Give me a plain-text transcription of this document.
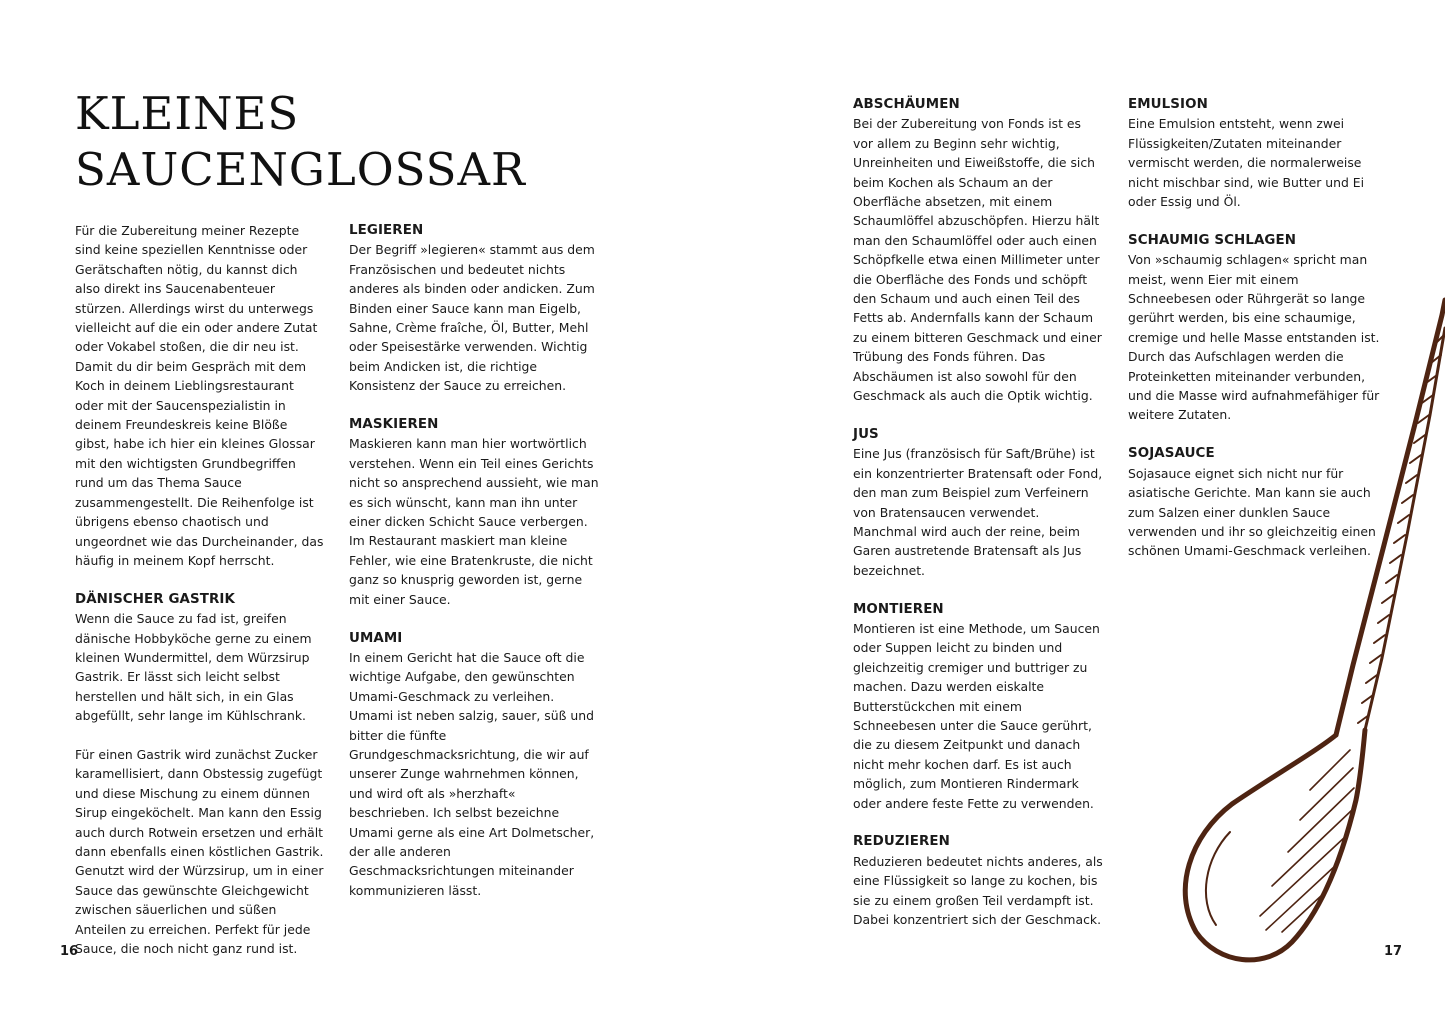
KLEINES
SAUCENGLOSSAR

Für die Zubereitung meiner Rezepte sind keine speziellen Kenntnisse oder Gerätschaften nötig, du kannst dich also direkt ins Saucenabenteuer stürzen. Allerdings wirst du unterwegs vielleicht auf die ein oder andere Zutat oder Vokabel stoßen, die dir neu ist. Damit du dir beim Gespräch mit dem Koch in deinem Lieblingsrestaurant oder mit der Saucenspezialistin in deinem Freundeskreis keine Blöße gibst, habe ich hier ein kleines Glossar mit den wichtigsten Grundbegriffen rund um das Thema Sauce zusammengestellt. Die Reihenfolge ist übrigens ebenso chaotisch und ungeordnet wie das Durcheinander, das häufig in meinem Kopf herrscht.

DÄNISCHER GASTRIK

Wenn die Sauce zu fad ist, greifen dänische Hobbyköche gerne zu einem kleinen Wundermittel, dem Würzsirup Gastrik. Er lässt sich leicht selbst herstellen und hält sich, in ein Glas abgefüllt, sehr lange im Kühlschrank.

Für einen Gastrik wird zunächst Zucker karamellisiert, dann Obstessig zugefügt und diese Mischung zu einem dünnen Sirup eingeköchelt. Man kann den Essig auch durch Rotwein ersetzen und erhält dann ebenfalls einen köstlichen Gastrik. Genutzt wird der Würzsirup, um in einer Sauce das gewünschte Gleichgewicht zwischen säuerlichen und süßen Anteilen zu erreichen. Perfekt für jede Sauce, die noch nicht ganz rund ist.

LEGIEREN

Der Begriff »legieren« stammt aus dem Französischen und bedeutet nichts anderes als binden oder andicken. Zum Binden einer Sauce kann man Eigelb, Sahne, Crème fraîche, Öl, Butter, Mehl oder Speisestärke verwenden. Wichtig beim Andicken ist, die richtige Konsistenz der Sauce zu erreichen.

MASKIEREN

Maskieren kann man hier wortwörtlich verstehen. Wenn ein Teil eines Gerichts nicht so ansprechend aussieht, wie man es sich wünscht, kann man ihn unter einer dicken Schicht Sauce verbergen. Im Restaurant maskiert man kleine Fehler, wie eine Bratenkruste, die nicht ganz so knusprig geworden ist, gerne mit einer Sauce.

UMAMI

In einem Gericht hat die Sauce oft die wichtige Aufgabe, den gewünschten Umami-Geschmack zu verleihen. Umami ist neben salzig, sauer, süß und bitter die fünfte Grundgeschmacksrichtung, die wir auf unserer Zunge wahrnehmen können, und wird oft als »herzhaft« beschrieben. Ich selbst bezeichne Umami gerne als eine Art Dolmetscher, der alle anderen Geschmacksrichtungen miteinander kommunizieren lässt.

ABSCHÄUMEN

Bei der Zubereitung von Fonds ist es vor allem zu Beginn sehr wichtig, Unreinheiten und Eiweißstoffe, die sich beim Kochen als Schaum an der Oberfläche absetzen, mit einem Schaumlöffel abzuschöpfen. Hierzu hält man den Schaumlöffel oder auch einen Schöpfkelle etwa einen Millimeter unter die Oberfläche des Fonds und schöpft den Schaum und auch einen Teil des Fetts ab. Andernfalls kann der Schaum zu einem bitteren Geschmack und einer Trübung des Fonds führen. Das Abschäumen ist also sowohl für den Geschmack als auch die Optik wichtig.

JUS

Eine Jus (französisch für Saft/Brühe) ist ein konzentrierter Bratensaft oder Fond, den man zum Beispiel zum Verfeinern von Bratensaucen verwendet. Manchmal wird auch der reine, beim Garen austretende Bratensaft als Jus bezeichnet.

MONTIEREN

Montieren ist eine Methode, um Saucen oder Suppen leicht zu binden und gleichzeitig cremiger und buttriger zu machen. Dazu werden eiskalte Butterstückchen mit einem Schneebesen unter die Sauce gerührt, die zu diesem Zeitpunkt und danach nicht mehr kochen darf. Es ist auch möglich, zum Montieren Rindermark oder andere feste Fette zu verwenden.

REDUZIEREN

Reduzieren bedeutet nichts anderes, als eine Flüssigkeit so lange zu kochen, bis sie zu einem großen Teil verdampft ist. Dabei konzentriert sich der Geschmack.

EMULSION

Eine Emulsion entsteht, wenn zwei Flüssigkeiten/Zutaten miteinander vermischt werden, die normalerweise nicht mischbar sind, wie Butter und Ei oder Essig und Öl.

SCHAUMIG SCHLAGEN

Von »schaumig schlagen« spricht man meist, wenn Eier mit einem Schneebesen oder Rührgerät so lange gerührt werden, bis eine schaumige, cremige und helle Masse entstanden ist. Durch das Aufschlagen werden die Proteinketten miteinander verbunden, und die Masse wird aufnahmefähiger für weitere Zutaten.

SOJASAUCE

Sojasauce eignet sich nicht nur für asiatische Gerichte. Man kann sie auch zum Salzen einer dunklen Sauce verwenden und ihr so gleichzeitig einen schönen Umami-Geschmack verleihen.

16	17
